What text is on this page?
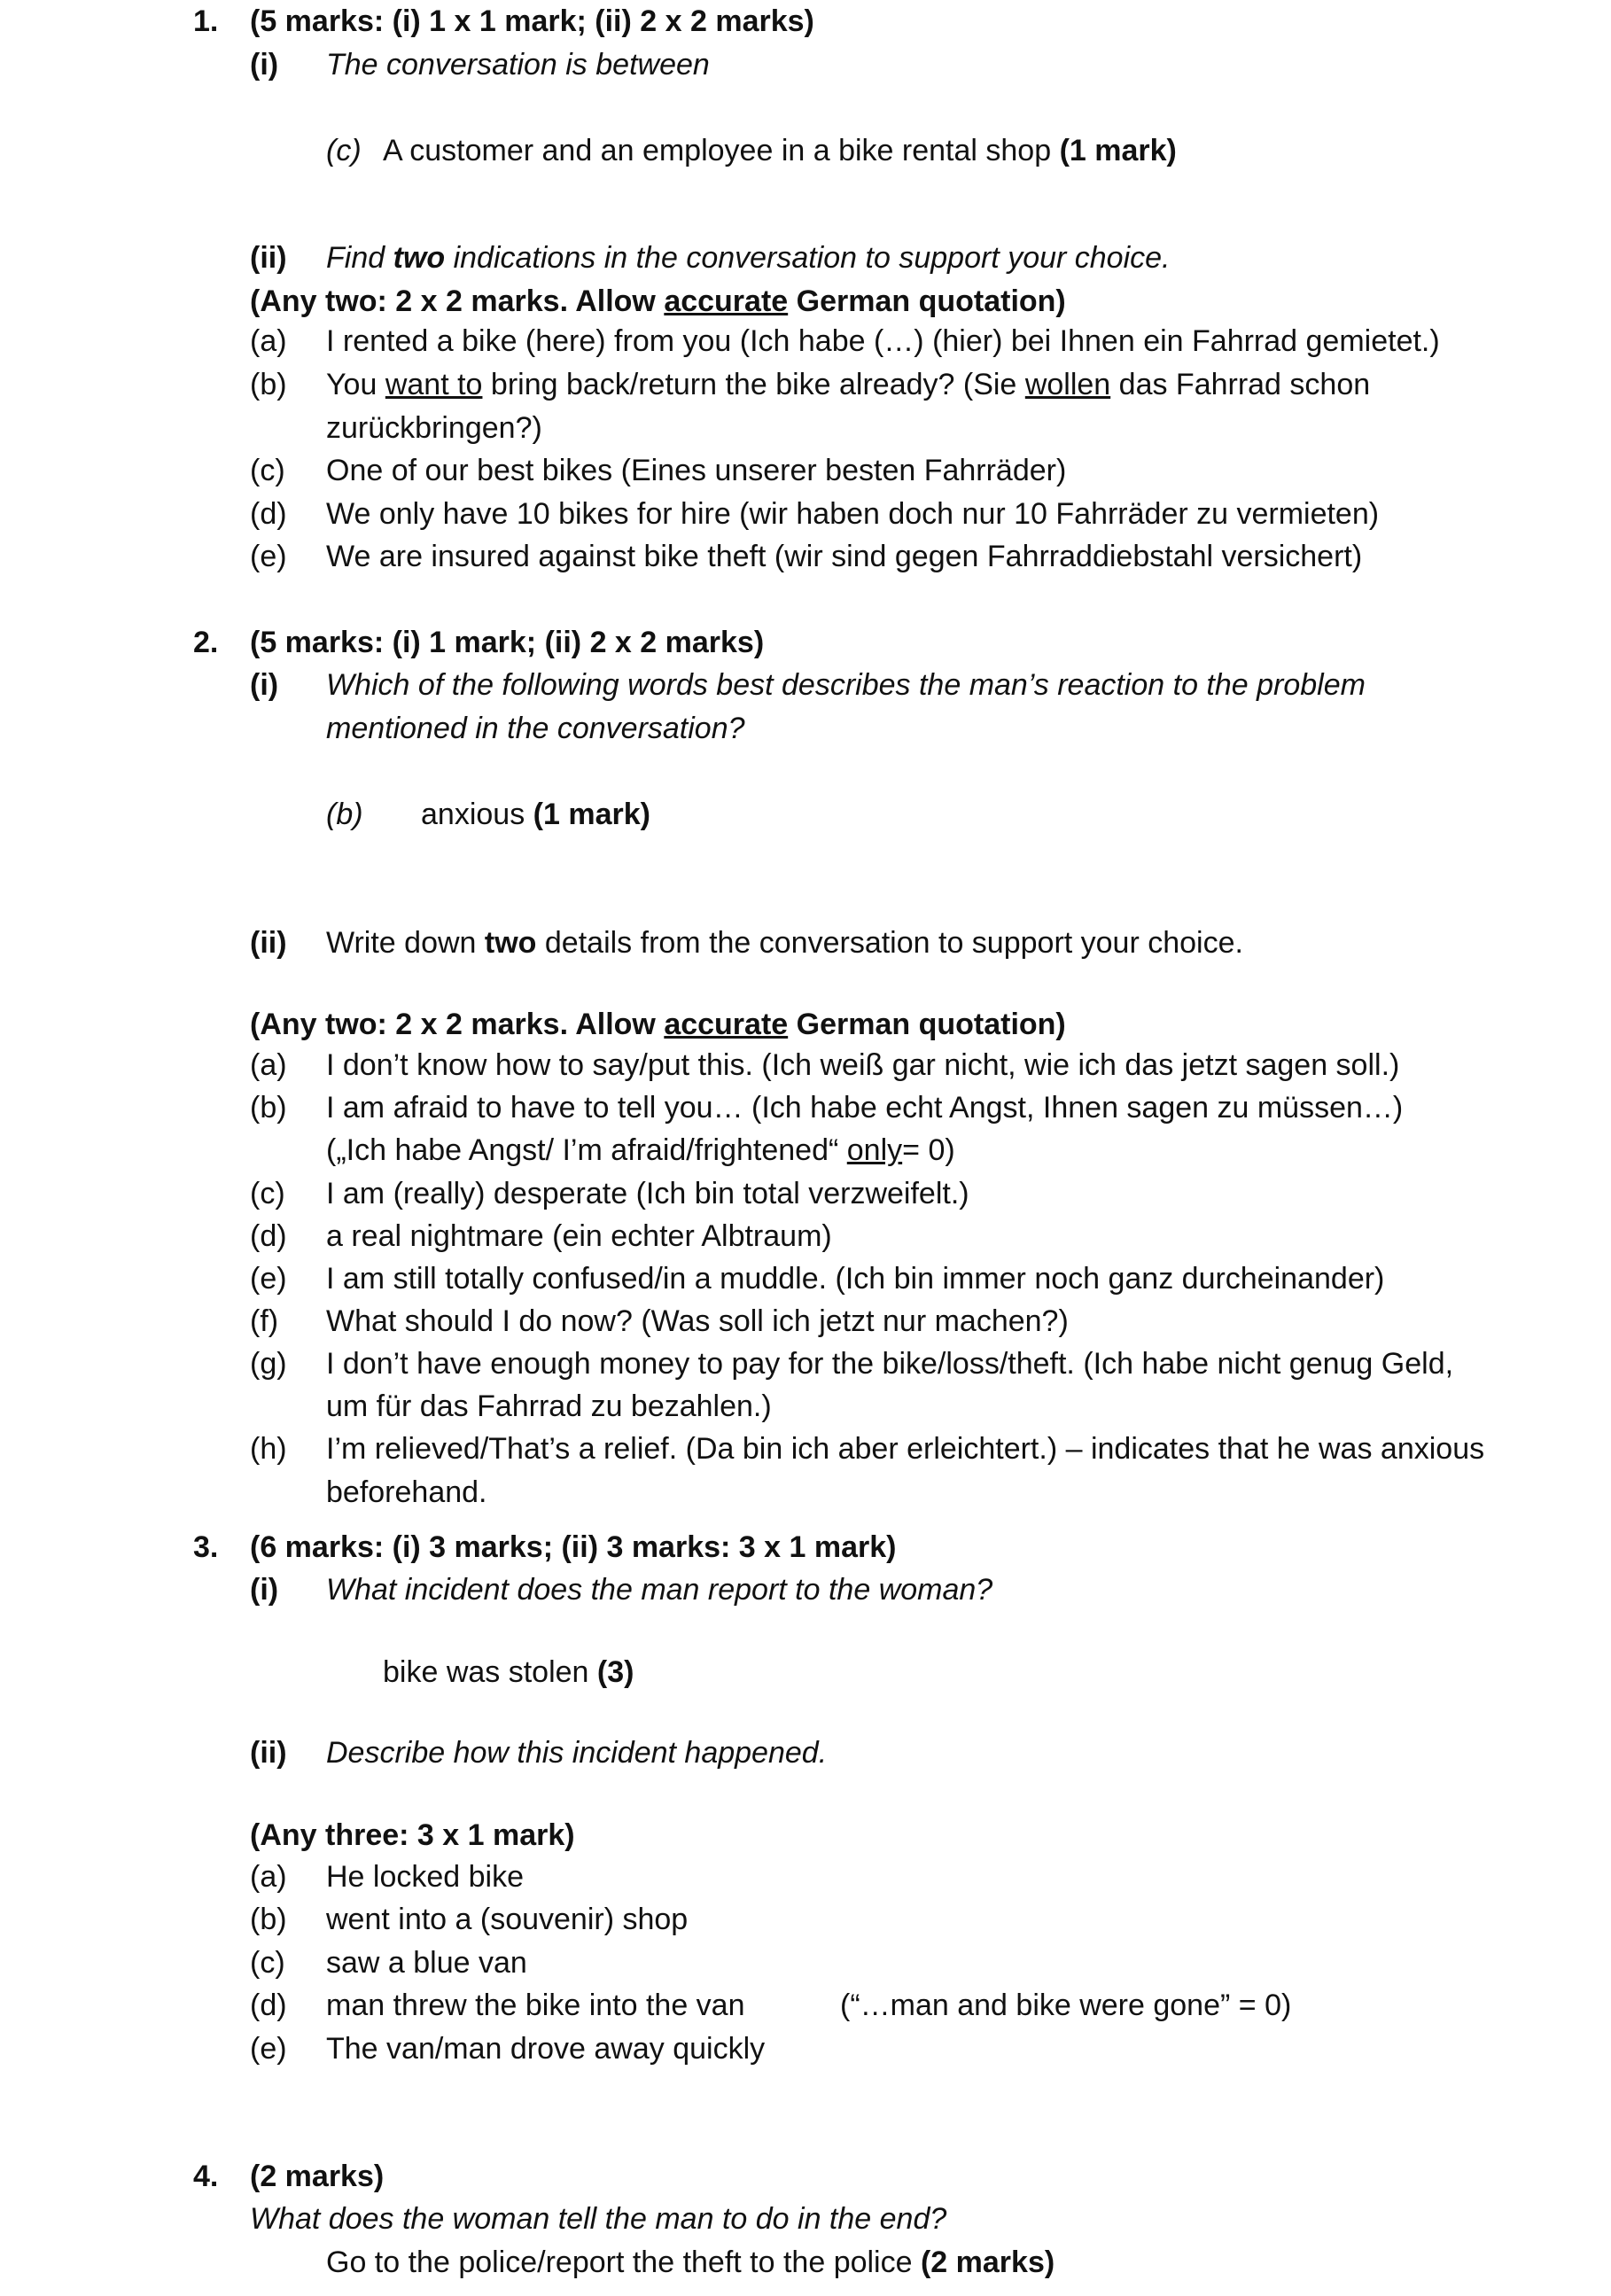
1. (5 marks: (i) 1 x 1 mark; (ii) 2 x 2 marks)
(i) The conversation is between
(c) A customer and an employee in a bike rental shop (1 mark)
(ii) Find two indications in the conversation to support your choice.
(Any two: 2 x 2 marks. Allow accurate German quotation)
(a) I rented a bike (here) from you (Ich habe (…) (hier) bei Ihnen ein Fahrrad gemietet.)
(b) You want to bring back/return the bike already? (Sie wollen das Fahrrad schon
zurückbringen?)
(c) One of our best bikes (Eines unserer besten Fahrräder)
(d) We only have 10 bikes for hire (wir haben doch nur 10 Fahrräder zu vermieten)
(e) We are insured against bike theft (wir sind gegen Fahrraddiebstahl versichert)
2. (5 marks: (i) 1 mark; (ii) 2 x 2 marks)
(i) Which of the following words best describes the man’s reaction to the problem
mentioned in the conversation?
(b) anxious (1 mark)
(ii) Write down two details from the conversation to support your choice.
(Any two: 2 x 2 marks. Allow accurate German quotation)
(a) I don’t know how to say/put this. (Ich weiß gar nicht, wie ich das jetzt sagen soll.)
(b) I am afraid to have to tell you… (Ich habe echt Angst, Ihnen sagen zu müssen…)
(„Ich habe Angst/ I’m afraid/frightened“ only= 0)
(c) I am (really) desperate (Ich bin total verzweifelt.)
(d) a real nightmare (ein echter Albtraum)
(e) I am still totally confused/in a muddle. (Ich bin immer noch ganz durcheinander)
(f) What should I do now? (Was soll ich jetzt nur machen?)
(g) I don’t have enough money to pay for the bike/loss/theft. (Ich habe nicht genug Geld,
um für das Fahrrad zu bezahlen.)
(h) I’m relieved/That’s a relief. (Da bin ich aber erleichtert.) – indicates that he was anxious
beforehand.
3. (6 marks: (i) 3 marks; (ii) 3 marks: 3 x 1 mark)
(i) What incident does the man report to the woman?
bike was stolen (3)
(ii) Describe how this incident happened.
(Any three: 3 x 1 mark)
(a) He locked bike
(b) went into a (souvenir) shop
(c) saw a blue van
(d) man threw the bike into the van	(“…man and bike were gone” = 0)
(e) The van/man drove away quickly
4. (2 marks)
What does the woman tell the man to do in the end?
Go to the police/report the theft to the police (2 marks)
